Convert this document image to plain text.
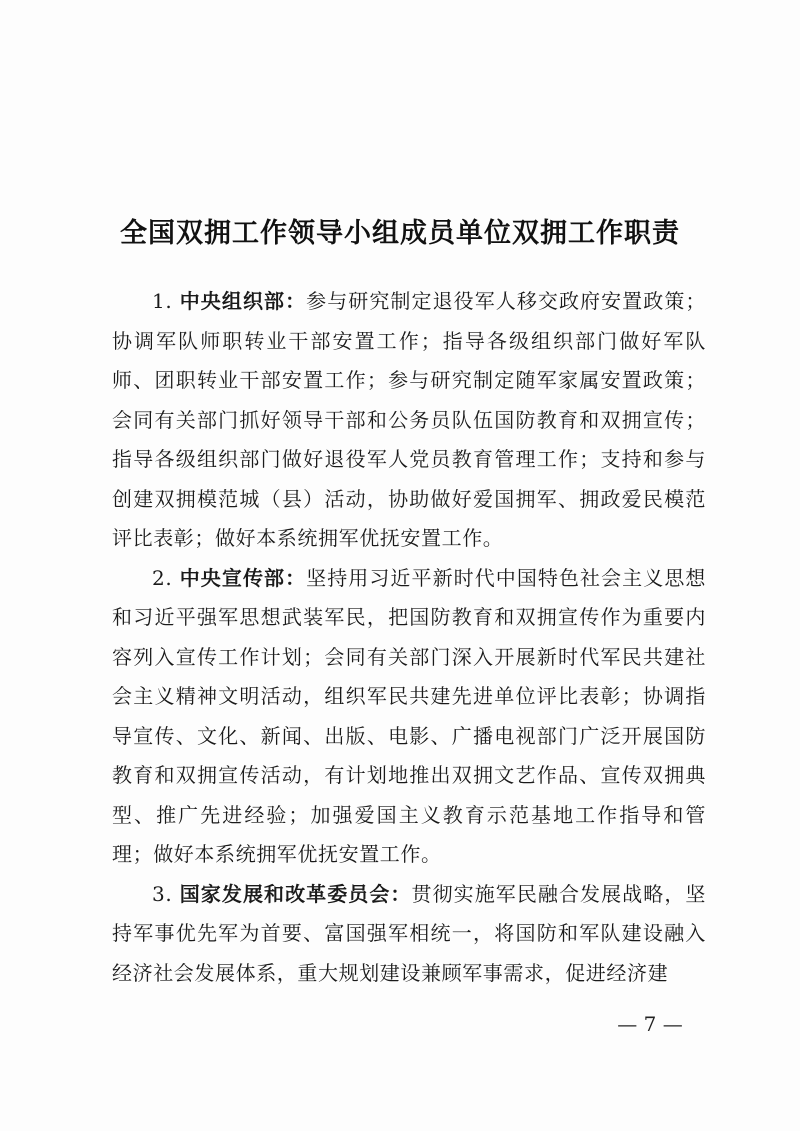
全国双拥工作领导小组成员单位双拥工作职责

1. 中央组织部：参与研究制定退役军人移交政府安置政策；协调军队师职转业干部安置工作；指导各级组织部门做好军队师、团职转业干部安置工作；参与研究制定随军家属安置政策；会同有关部门抓好领导干部和公务员队伍国防教育和双拥宣传；指导各级组织部门做好退役军人党员教育管理工作；支持和参与创建双拥模范城（县）活动，协助做好爱国拥军、拥政爱民模范评比表彰；做好本系统拥军优抚安置工作。

2. 中央宣传部：坚持用习近平新时代中国特色社会主义思想和习近平强军思想武装军民，把国防教育和双拥宣传作为重要内容列入宣传工作计划；会同有关部门深入开展新时代军民共建社会主义精神文明活动，组织军民共建先进单位评比表彰；协调指导宣传、文化、新闻、出版、电影、广播电视部门广泛开展国防教育和双拥宣传活动，有计划地推出双拥文艺作品、宣传双拥典型、推广先进经验；加强爱国主义教育示范基地工作指导和管理；做好本系统拥军优抚安置工作。

3. 国家发展和改革委员会：贯彻实施军民融合发展战略，坚持军事优先军为首要、富国强军相统一，将国防和军队建设融入经济社会发展体系，重大规划建设兼顾军事需求，促进经济建

— 7 —
